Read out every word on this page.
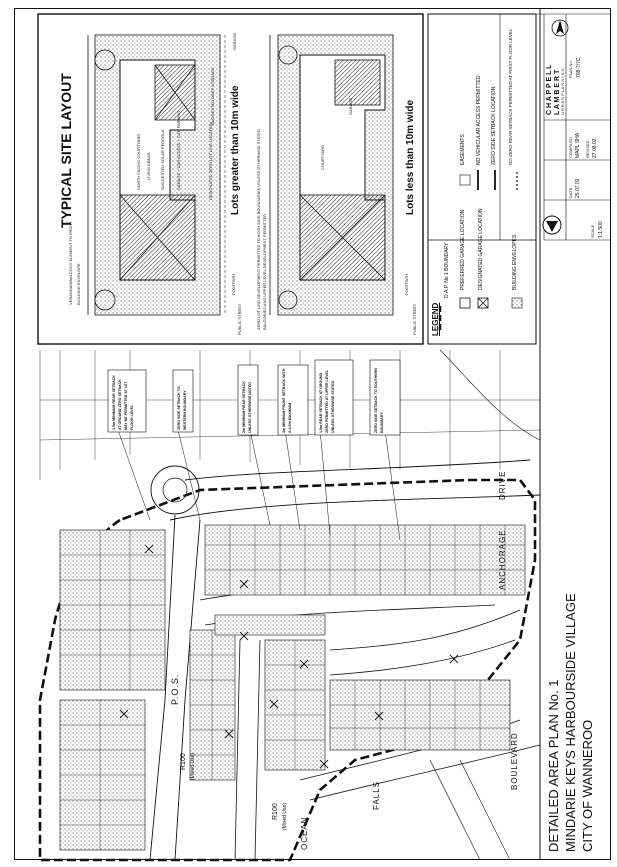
DETAILED AREA PLAN No. 1 MINDARIE KEYS HARBOURSIDE VILLAGE CITY OF WANNEROO
TYPICAL SITE LAYOUT	Lots greater than 10m wide	Lots less than 10m wide
VERANDAH/BALCONY ELEMENT TO FRONT BUILDING ENVELOPE
NORTH FACING COURTYARD LIVING AREAS SUGGESTED SOLAR PERGOLA	GARAGE + CAR ACCESS + CAR PARKING	DESIGNATED ZERO LOT LINE LOCATION
SUGGESTED DEEP STORAGE
PUBLIC STREET
FOOTPATH
GARAGE
ZERO LOT LINE DEVELOPMENT PERMITTED TO BOTH SIDE BOUNDARIES UNLESS OTHERWISE STATED BALCONIES AND UPPER LEVEL DEVELOPMENT PERMITTED
COURTYARD
GARAGE
PUBLIC STREET
FOOTPATH
LEGEND
D.A.P. No 1 BOUNDARY PREFERRED GARAGE LOCATION DESIGNATED GARAGE LOCATION	BUILDING ENVELOPES
EASEMENTS NO VEHICULAR ACCESS PERMITTED ZERO SIDE SETBACK LOCATION NO ZERO REAR SETBACK PERMITTED AT FIRST FLOOR LEVEL	C H A P P E L L L A M B E R T U R B A N P L A N N I N G
SCALE 1:1 500
DATE 25.07.02
COMPILED MAPL SHA REVISED 27.08.02
PLAN No. 708-7/7C
1.5m MINIMUM REAR SETBACK AT GROUND ZERO SETBACK MAY BE PERMITTED AT 1ST FLOOR LEVEL	ZERO SIDE SETBACK TO WESTERN BOUNDARY	2m MINIMUM REAR SETBACK UNLESS OTHERWISE NOTED	3m MINIMUM FRONT SETBACK WITH A 4.5m MAXIMUM	1.5m REAR SETBACK AT GROUND ZERO PERMITTED AT UPPER LEVEL UNLESS OTHERWISE STATED	ZERO SIDE SETBACK TO SOUTHERN BOUNDARY
ANCHORAGE
DRIVE
BOULEVARD
OCEAN
FALLS
P.O.S.
R100 (Mixed Use)
R100 (Mixed Use)
